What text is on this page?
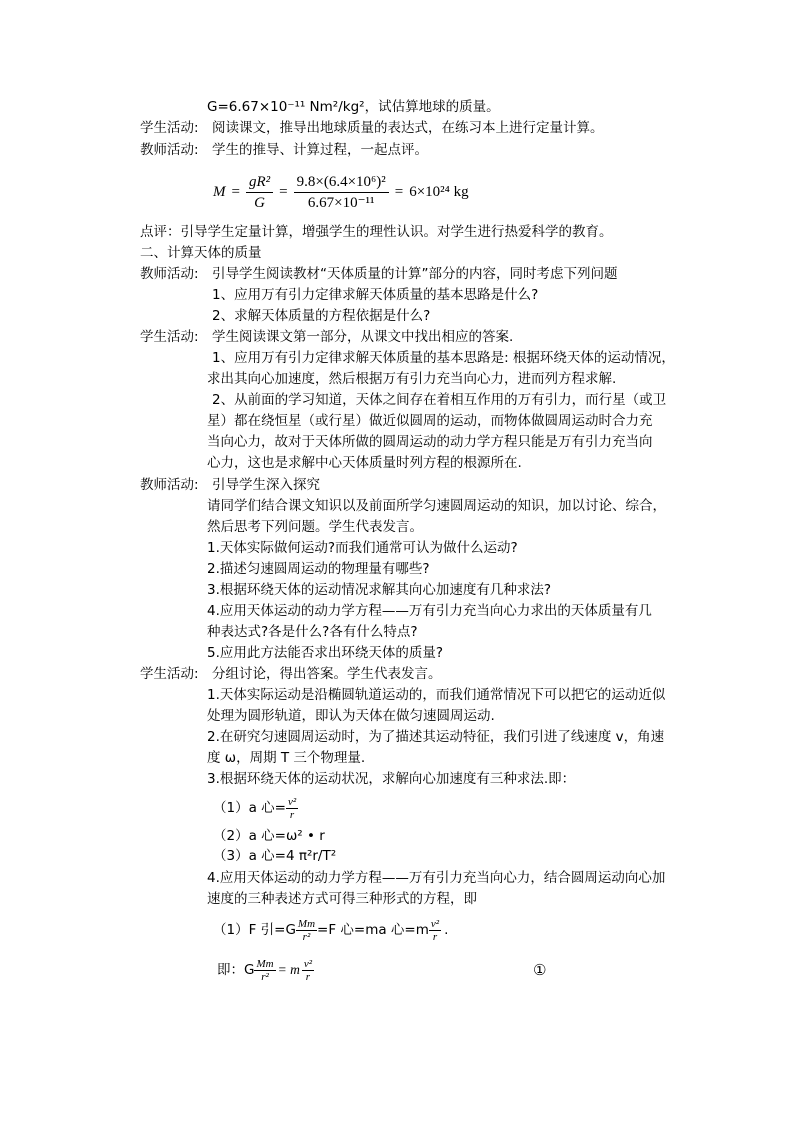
G=6.67×10⁻¹¹ Nm²/kg²，试估算地球的质量。
学生活动: 阅读课文，推导出地球质量的表达式，在练习本上进行定量计算。
教师活动: 学生的推导、计算过程，一起点评。
$M = \frac{\text{gR²}}{G} = \frac{\text{9.8×(6.4×10⁶)²}}{\text{6.67×10⁻¹¹}} = 6\times 10^{24}$ kg
点评：引导学生定量计算，增强学生的理性认识。对学生进行热爱科学的教育。
二、计算天体的质量
教师活动: 引导学生阅读教材“天体质量的计算”部分的内容，同时考虑下列问题
1、应用万有引力定律求解天体质量的基本思路是什么?
2、求解天体质量的方程依据是什么?
学生活动: 学生阅读课文第一部分，从课文中找出相应的答案.
1、应用万有引力定律求解天体质量的基本思路是: 根据环绕天体的运动情况，
求出其向心加速度，然后根据万有引力充当向心力，进而列方程求解.
2、从前面的学习知道，天体之间存在着相互作用的万有引力，而行星（或卫
星）都在绕恒星（或行星）做近似圆周的运动，而物体做圆周运动时合力充
当向心力，故对于天体所做的圆周运动的动力学方程只能是万有引力充当向
心力，这也是求解中心天体质量时列方程的根源所在.
教师活动: 引导学生深入探究
请同学们结合课文知识以及前面所学匀速圆周运动的知识，加以讨论、综合，
然后思考下列问题。学生代表发言。
1.天体实际做何运动?而我们通常可认为做什么运动?
2.描述匀速圆周运动的物理量有哪些?
3.根据环绕天体的运动情况求解其向心加速度有几种求法?
4.应用天体运动的动力学方程——万有引力充当向心力求出的天体质量有几
种表达式?各是什么?各有什么特点?
5.应用此方法能否求出环绕天体的质量?
学生活动: 分组讨论，得出答案。学生代表发言。
1.天体实际运动是沿椭圆轨道运动的，而我们通常情况下可以把它的运动近似
处理为圆形轨道，即认为天体在做匀速圆周运动.
2.在研究匀速圆周运动时，为了描述其运动特征，我们引进了线速度 v，角速
度 ω，周期 T 三个物理量.
3.根据环绕天体的运动状况，求解向心加速度有三种求法.即：
（1）a 心= $\frac{\text{v²}}{r}$
（2）a 心=ω² • r
（3）a 心=4 π²r/T²
4.应用天体运动的动力学方程——万有引力充当向心力，结合圆周运动向心加
速度的三种表述方式可得三种形式的方程，即
（1）F 引$=G \frac{Mm}{\text{r²}} =F$ 心=ma 心$=m \frac{\text{v²}}{r}$ .
即：G $\frac{Mm}{\text{r²}} = m \frac{\text{v²}}{r}$	①
